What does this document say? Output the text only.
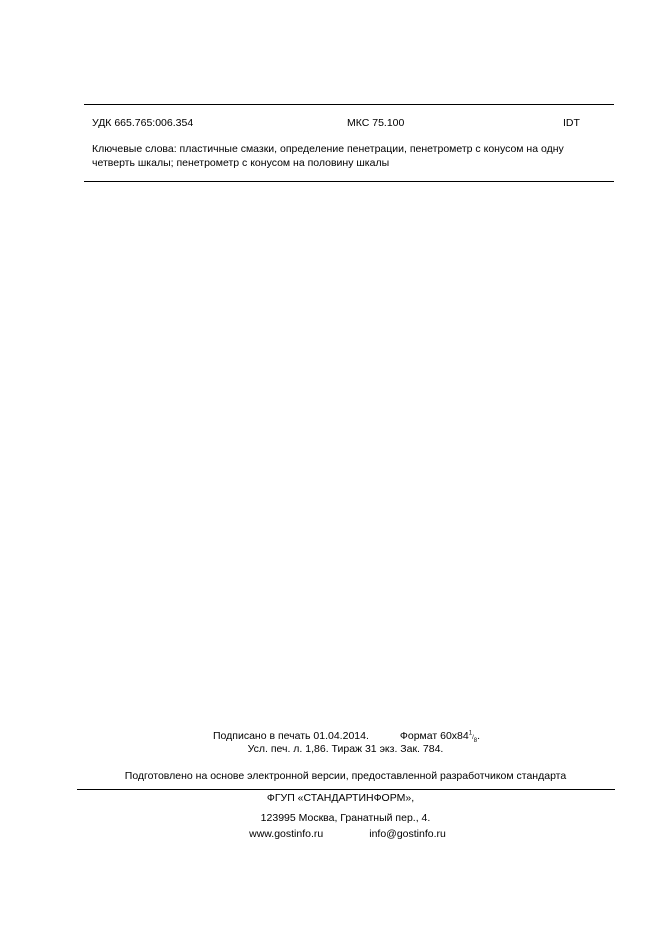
УДК 665.765:006.354	МКС 75.100	IDT
Ключевые слова: пластичные смазки, определение пенетрации, пенетрометр с конусом на одну четверть шкалы; пенетрометр с конусом на половину шкалы
Подписано в печать 01.04.2014.	Формат $60x84^1/_8$.
Усл. печ. л. 1,86. Тираж 31 экз. Зак. 784.
Подготовлено на основе электронной версии, предоставленной разработчиком стандарта
ФГУП «СТАНДАРТИНФОРМ»,
123995 Москва, Гранатный пер., 4.
www.gostinfo.ru	info@gostinfo.ru
